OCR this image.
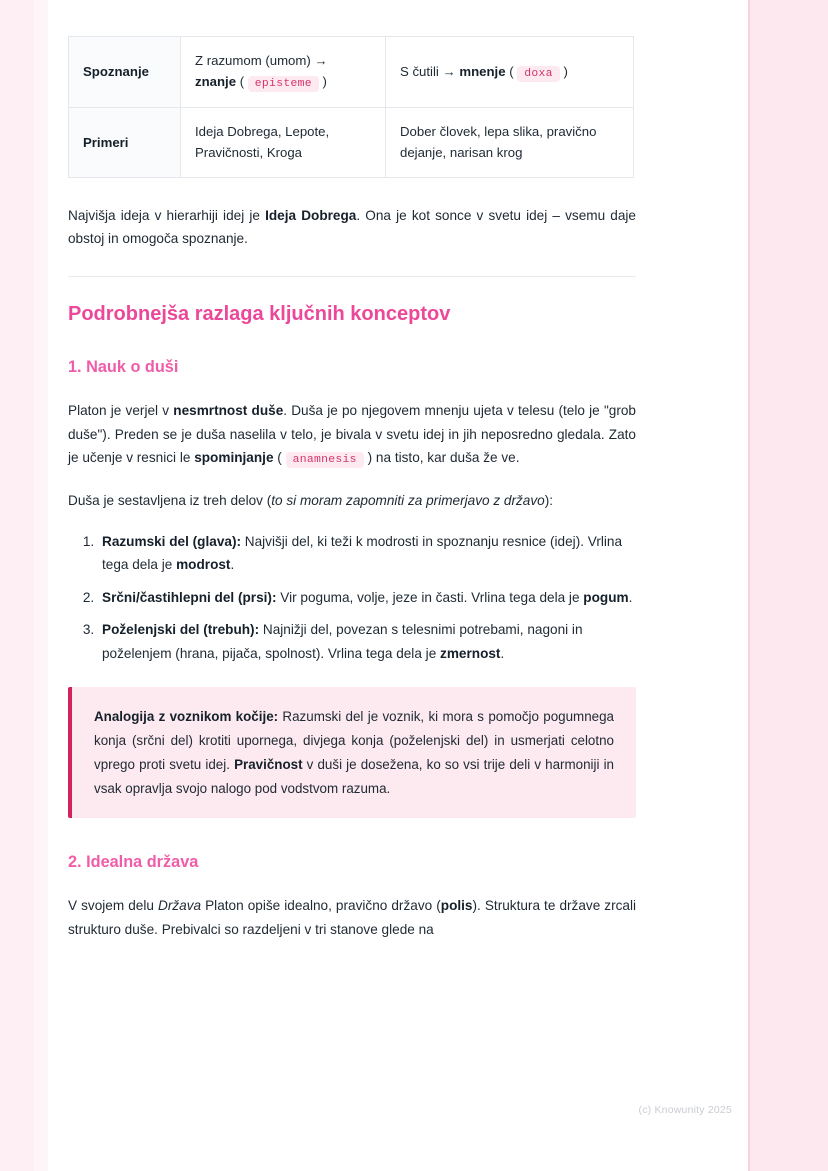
Spoznanje	Z razumom (umom) → znanje ( episteme )	S čutili → mnenje ( doxa )
Primeri	Ideja Dobrega, Lepote, Pravičnosti, Kroga	Dober človek, lepa slika, pravično dejanje, narisan krog

Najvišja ideja v hierarhiji idej je Ideja Dobrega. Ona je kot sonce v svetu idej – vsemu daje obstoj in omogoča spoznanje.

Podrobnejša razlaga ključnih konceptov
1. Nauk o duši

Platon je verjel v nesmrtnost duše. Duša je po njegovem mnenju ujeta v telesu (telo je "grob duše"). Preden se je duša naselila v telo, je bivala v svetu idej in jih neposredno gledala. Zato je učenje v resnici le spominjanje ( anamnesis ) na tisto, kar duša že ve.

Duša je sestavljena iz treh delov (to si moram zapomniti za primerjavo z državo):

1. Razumski del (glava): Najvišji del, ki teži k modrosti in spoznanju resnice (idej). Vrlina tega dela je modrost.
2. Srčni/častihlepni del (prsi): Vir poguma, volje, jeze in časti. Vrlina tega dela je pogum.
3. Poželenjski del (trebuh): Najnižji del, povezan s telesnimi potrebami, nagoni in poželenjem (hrana, pijača, spolnost). Vrlina tega dela je zmernost.

Analogija z voznikom kočije: Razumski del je voznik, ki mora s pomočjo pogumnega konja (srčni del) krotiti upornega, divjega konja (poželenjski del) in usmerjati celotno vprego proti svetu idej. Pravičnost v duši je dosežena, ko so vsi trije deli v harmoniji in vsak opravlja svojo nalogo pod vodstvom razuma.

2. Idealna država

V svojem delu Država Platon opiše idealno, pravično državo (polis). Struktura te države zrcali strukturo duše. Prebivalci so razdeljeni v tri stanove glede na

(c) Knowunity 2025
